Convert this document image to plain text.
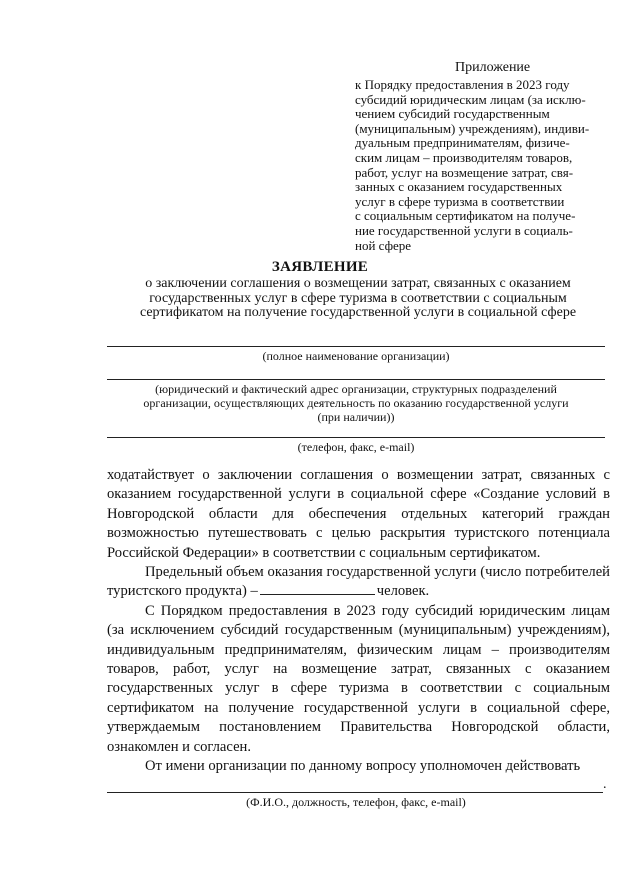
Приложение
к Порядку предоставления в 2023 году
субсидий юридическим лицам (за исклю-
чением субсидий государственным
(муниципальным) учреждениям), индиви-
дуальным предпринимателям, физиче-
ским лицам – производителям товаров,
работ, услуг на возмещение затрат, свя-
занных с оказанием государственных
услуг в сфере туризма в соответствии
с социальным сертификатом на получе-
ние государственной услуги в социаль-
ной сфере
ЗАЯВЛЕНИЕ
о заключении соглашения о возмещении затрат, связанных с оказанием
государственных услуг в сфере туризма в соответствии с социальным
сертификатом на получение государственной услуги в социальной сфере
(полное наименование организации)
(юридический и фактический адрес организации, структурных подразделений
организации, осуществляющих деятельность по оказанию государственной услуги
(при наличии))
(телефон, факс, e-mail)

ходатайствует о заключении соглашения о возмещении затрат, связанных с оказанием государственной услуги в социальной сфере «Создание условий в Новгородской области для обеспечения отдельных категорий граждан возможностью путешествовать с целью раскрытия туристского потенциала Российской Федерации» в соответствии с социальным сертификатом.

Предельный объем оказания государственной услуги (число потребителей туристского продукта) –	человек.

С Порядком предоставления в 2023 году субсидий юридическим лицам (за исключением субсидий государственным (муниципальным) учреждениям), индивидуальным предпринимателям, физическим лицам – производителям товаров, работ, услуг на возмещение затрат, связанных с оказанием государственных услуг в сфере туризма в соответствии с социальным сертификатом на получение государственной услуги в социальной сфере, утверждаемым постановлением Правительства Новгородской области, ознакомлен и согласен.

От имени организации по данному вопросу уполномочен действовать

.
(Ф.И.О., должность, телефон, факс, e-mail)
